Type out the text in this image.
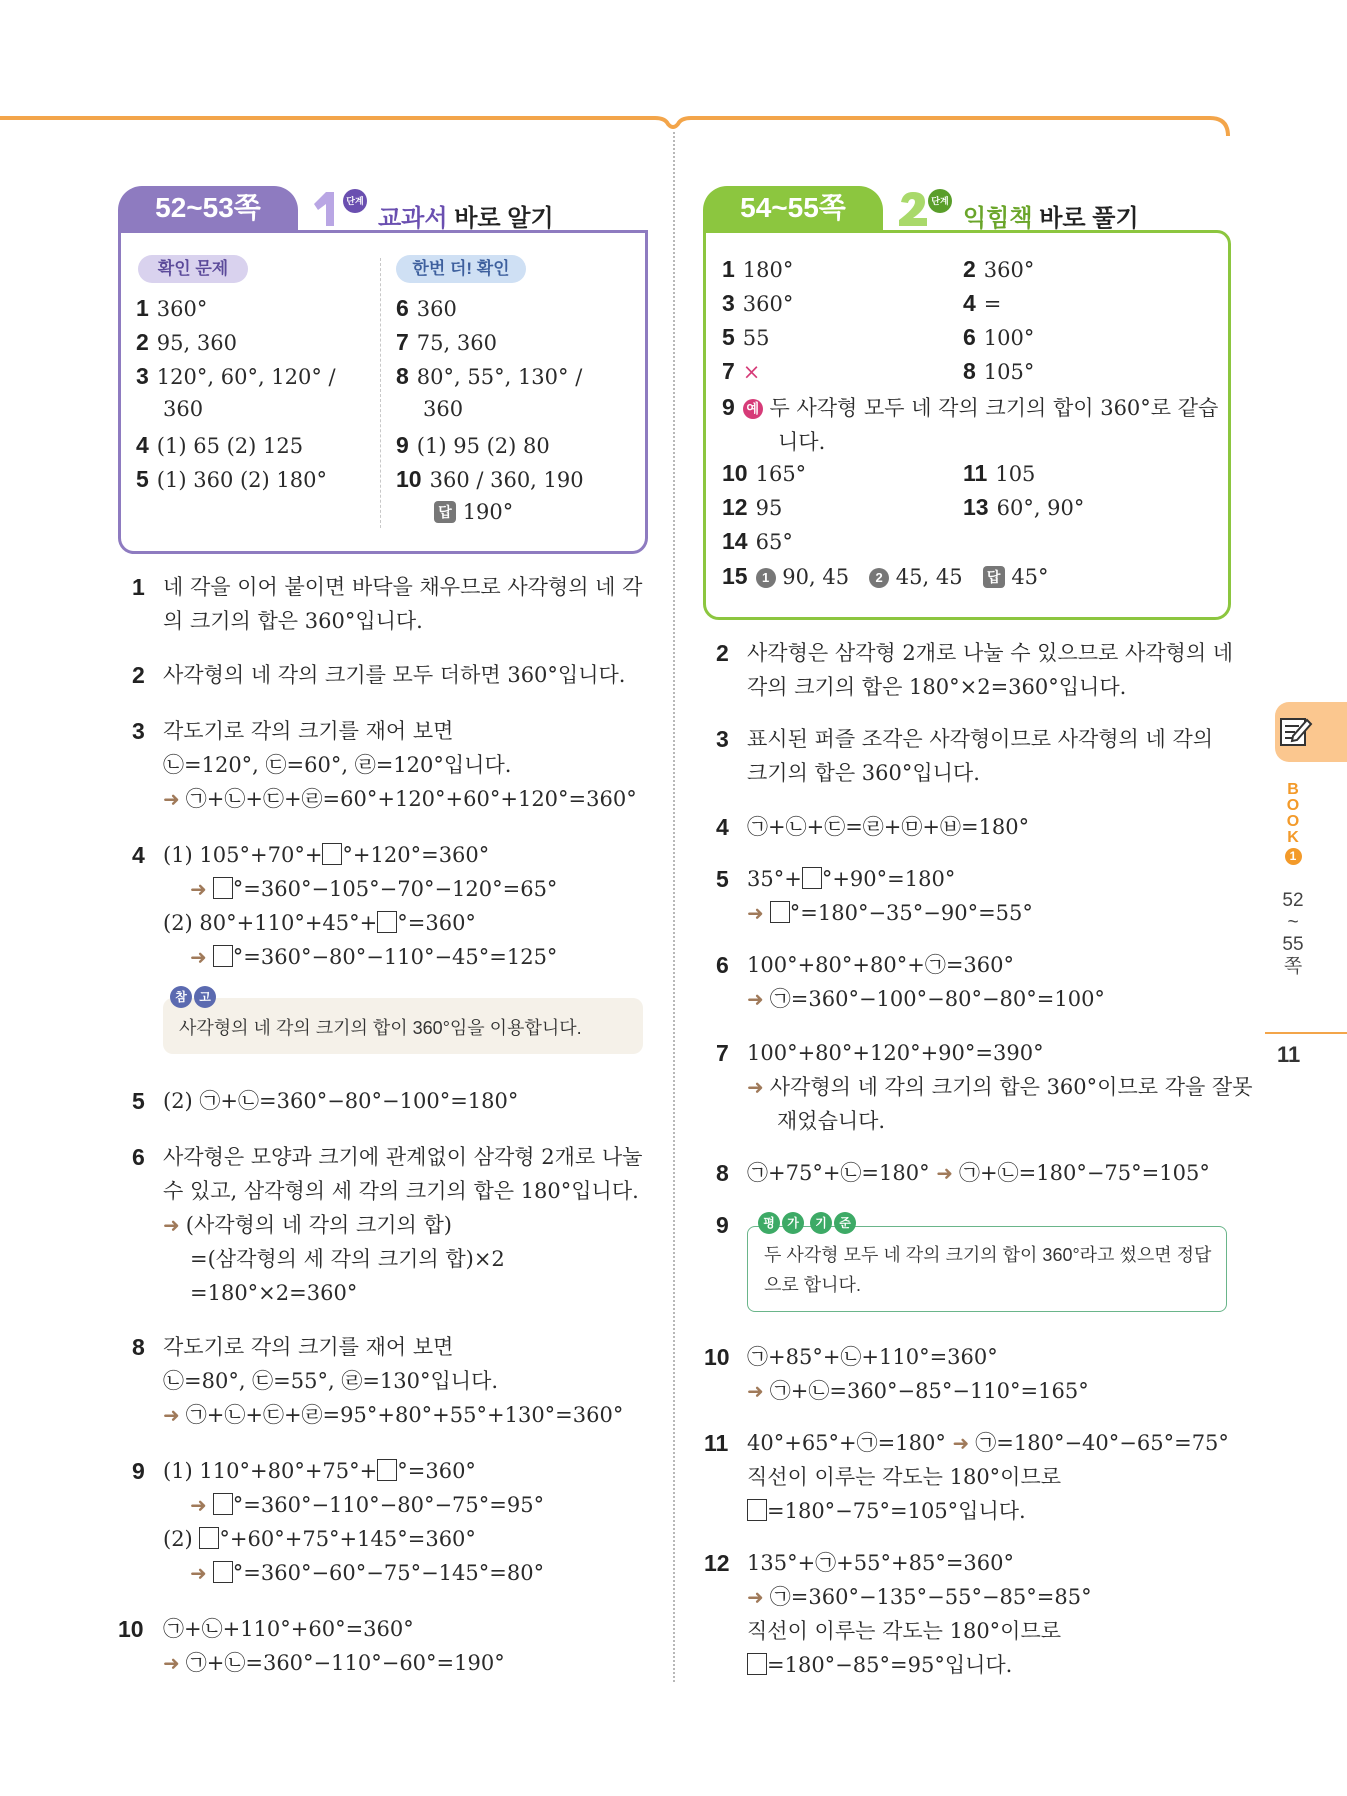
52~53쪽	단계
교과서 바로 알기
확인 문제	한번 더! 확인
1 360°
2 95, 360
3 120°, 60°, 120° /
360
4 (1) 65 (2) 125
5 (1) 360 (2) 180°
6 360
7 75, 360
8 80°, 55°, 130° /
360
9 (1) 95 (2) 80
10 360 / 360, 190
답 190°
1 네 각을 이어 붙이면 바닥을 채우므로 사각형의 네 각
의 크기의 합은 360°입니다.
2 사각형의 네 각의 크기를 모두 더하면 360°입니다.
3 각도기로 각의 크기를 재어 보면
㉡=120°, ㉢=60°, ㉣=120°입니다.
➜ ㉠+㉡+㉢+㉣=60°+120°+60°+120°=360°
4 (1) 105°+70°+ °+120°=360°
➜ °=360°−105°−70°−120°=65°
(2) 80°+110°+45°+ °=360°
➜ °=360°−80°−110°−45°=125°
사각형의 네 각의 크기의 합이 360°임을 이용합니다.
참	고
5 (2) ㉠+㉡=360°−80°−100°=180°
6 사각형은 모양과 크기에 관계없이 삼각형 2개로 나눌
수 있고, 삼각형의 세 각의 크기의 합은 180°입니다.
➜ (사각형의 네 각의 크기의 합)
=(삼각형의 세 각의 크기의 합)×2
=180°×2=360°
8 각도기로 각의 크기를 재어 보면
㉡=80°, ㉢=55°, ㉣=130°입니다.
➜ ㉠+㉡+㉢+㉣=95°+80°+55°+130°=360°
9 (1) 110°+80°+75°+ °=360°
➜ °=360°−110°−80°−75°=95°
(2) °+60°+75°+145°=360°
➜ °=360°−60°−75°−145°=80°
10 ㉠+㉡+110°+60°=360°
➜ ㉠+㉡=360°−110°−60°=190°
54~55쪽	단계
익힘책 바로 풀기
1 180°	2 360°
3 360°	4 =
5 55	6 100°
7 ×	8 105°
9 예 두 사각형 모두 네 각의 크기의 합이 360°로 같습
니다.
10 165°	11 105
12 95	13 60°, 90°
14 65°
15 1 90, 45 2 45, 45 답 45°
2 사각형은 삼각형 2개로 나눌 수 있으므로 사각형의 네
각의 크기의 합은 180°×2=360°입니다.
3 표시된 퍼즐 조각은 사각형이므로 사각형의 네 각의
크기의 합은 360°입니다.
4 ㉠+㉡+㉢=㉣+㉤+㉥=180°
5 35°+ °+90°=180°
➜ °=180°−35°−90°=55°
6 100°+80°+80°+㉠=360°
➜ ㉠=360°−100°−80°−80°=100°
7 100°+80°+120°+90°=390°
➜ 사각형의 네 각의 크기의 합은 360°이므로 각을 잘못
재었습니다.
8 ㉠+75°+㉡=180° ➜ ㉠+㉡=180°−75°=105°
9
두 사각형 모두 네 각의 크기의 합이 360°라고 썼으면 정답
으로 합니다.
평	가	기	준
10 ㉠+85°+㉡+110°=360°
➜ ㉠+㉡=360°−85°−110°=165°
11 40°+65°+㉠=180° ➜ ㉠=180°−40°−65°=75°
직선이 이루는 각도는 180°이므로
=180°−75°=105°입니다.
12 135°+㉠+55°+85°=360°
➜ ㉠=360°−135°−55°−85°=85°
직선이 이루는 각도는 180°이므로
=180°−85°=95°입니다.
B
O
O
K
1
52
~
55
쪽
11
